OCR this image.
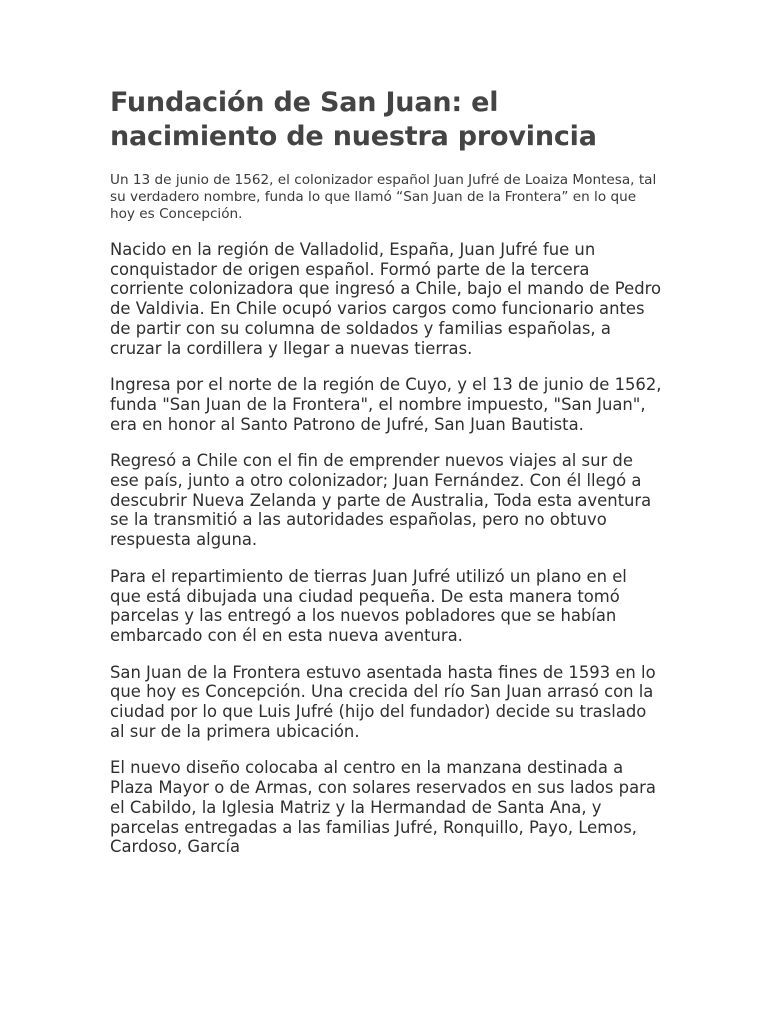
Fundación de San Juan: el nacimiento de nuestra provincia

Un 13 de junio de 1562, el colonizador español Juan Jufré de Loaiza Montesa, tal su verdadero nombre, funda lo que llamó “San Juan de la Frontera” en lo que hoy es Concepción.

Nacido en la región de Valladolid, España, Juan Jufré fue un conquistador de origen español. Formó parte de la tercera corriente colonizadora que ingresó a Chile, bajo el mando de Pedro de Valdivia. En Chile ocupó varios cargos como funcionario antes de partir con su columna de soldados y familias españolas, a cruzar la cordillera y llegar a nuevas tierras.

Ingresa por el norte de la región de Cuyo, y el 13 de junio de 1562, funda "San Juan de la Frontera", el nombre impuesto, "San Juan", era en honor al Santo Patrono de Jufré, San Juan Bautista.

Regresó a Chile con el fin de emprender nuevos viajes al sur de ese país, junto a otro colonizador; Juan Fernández. Con él llegó a descubrir Nueva Zelanda y parte de Australia, Toda esta aventura se la transmitió a las autoridades españolas, pero no obtuvo respuesta alguna.

Para el repartimiento de tierras Juan Jufré utilizó un plano en el que está dibujada una ciudad pequeña. De esta manera tomó parcelas y las entregó a los nuevos pobladores que se habían embarcado con él en esta nueva aventura.

San Juan de la Frontera estuvo asentada hasta fines de 1593 en lo que hoy es Concepción. Una crecida del río San Juan arrasó con la ciudad por lo que Luis Jufré (hijo del fundador) decide su traslado al sur de la primera ubicación.

El nuevo diseño colocaba al centro en la manzana destinada a Plaza Mayor o de Armas, con solares reservados en sus lados para el Cabildo, la Iglesia Matriz y la Hermandad de Santa Ana, y parcelas entregadas a las familias Jufré, Ronquillo, Payo, Lemos, Cardoso, García
